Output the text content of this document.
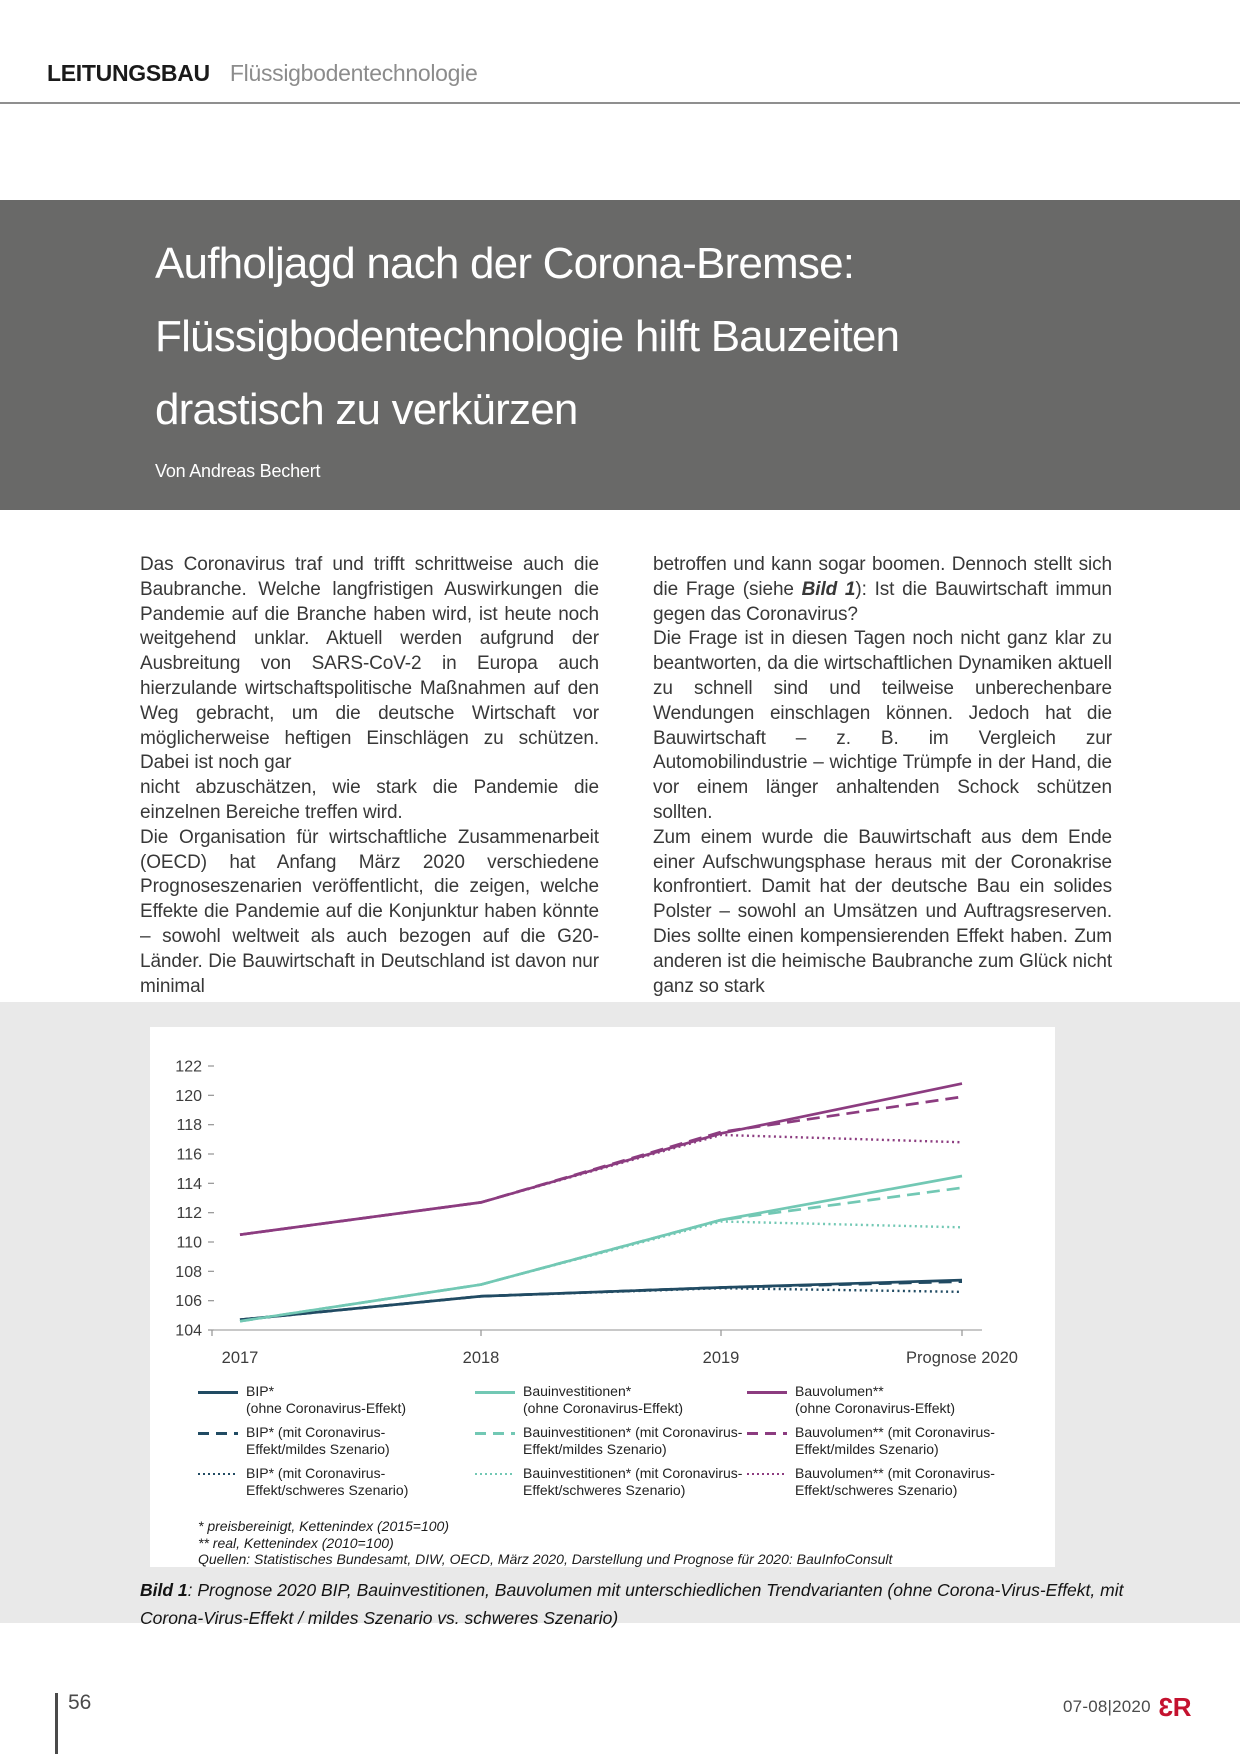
LEITUNGSBAU Flüssigbodentechnologie
Aufholjagd nach der Corona-Bremse:
Flüssigbodentechnologie hilft Bauzeiten
drastisch zu verkürzen
Von Andreas Bechert

Das Coronavirus traf und trifft schrittweise auch die Baubranche. Welche langfristigen Auswirkungen die Pandemie auf die Branche haben wird, ist heute noch weitgehend unklar. Aktuell werden aufgrund der Ausbreitung von SARS-CoV-2 in Europa auch hierzulande wirtschaftspolitische Maßnahmen auf den Weg gebracht, um die deutsche Wirtschaft vor möglicherweise heftigen Einschlägen zu schützen. Dabei ist noch gar

nicht abzuschätzen, wie stark die Pandemie die einzelnen Bereiche treffen wird.

Die Organisation für wirtschaftliche Zusammenarbeit (OECD) hat Anfang März 2020 verschiedene Prognoseszenarien veröffentlicht, die zeigen, welche Effekte die Pandemie auf die Konjunktur haben könnte – sowohl weltweit als auch bezogen auf die G20-Länder. Die Bauwirtschaft in Deutschland ist davon nur minimal

betroffen und kann sogar boomen. Dennoch stellt sich die Frage (siehe Bild 1): Ist die Bauwirtschaft immun gegen das Coronavirus?

Die Frage ist in diesen Tagen noch nicht ganz klar zu beantworten, da die wirtschaftlichen Dynamiken aktuell zu schnell sind und teilweise unberechenbare Wendungen einschlagen können. Jedoch hat die Bauwirtschaft – z. B. im Vergleich zur Automobilindustrie – wichtige Trümpfe in der Hand, die vor einem länger anhaltenden Schock schützen sollten.

Zum einem wurde die Bauwirtschaft aus dem Ende einer Aufschwungsphase heraus mit der Coronakrise konfrontiert. Damit hat der deutsche Bau ein solides Polster – sowohl an Umsätzen und Auftragsreserven. Dies sollte einen kompensierenden Effekt haben. Zum anderen ist die heimische Baubranche zum Glück nicht ganz so stark

104
106
108
110
112
114
116
118
120
122
2017	2018	2019	Prognose 2020
BIP*
(ohne Coronavirus-Effekt)
Bauinvestitionen*
(ohne Coronavirus-Effekt)
Bauvolumen**
(ohne Coronavirus-Effekt)
BIP* (mit Coronavirus-
Effekt/mildes Szenario)
Bauinvestitionen* (mit Coronavirus-
Effekt/mildes Szenario)
Bauvolumen** (mit Coronavirus-
Effekt/mildes Szenario)
BIP* (mit Coronavirus-
Effekt/schweres Szenario)
Bauinvestitionen* (mit Coronavirus-
Effekt/schweres Szenario)
Bauvolumen** (mit Coronavirus-
Effekt/schweres Szenario)
* preisbereinigt, Kettenindex (2015=100)
** real, Kettenindex (2010=100)
Quellen: Statistisches Bundesamt, DIW, OECD, März 2020, Darstellung und Prognose für 2020: BauInfoConsult
Bild 1: Prognose 2020 BIP, Bauinvestitionen, Bauvolumen mit unterschiedlichen Trendvarianten (ohne Corona-Virus-Effekt, mit Corona-Virus-Effekt / mildes Szenario vs. schweres Szenario)
56	07-08|2020 3R
